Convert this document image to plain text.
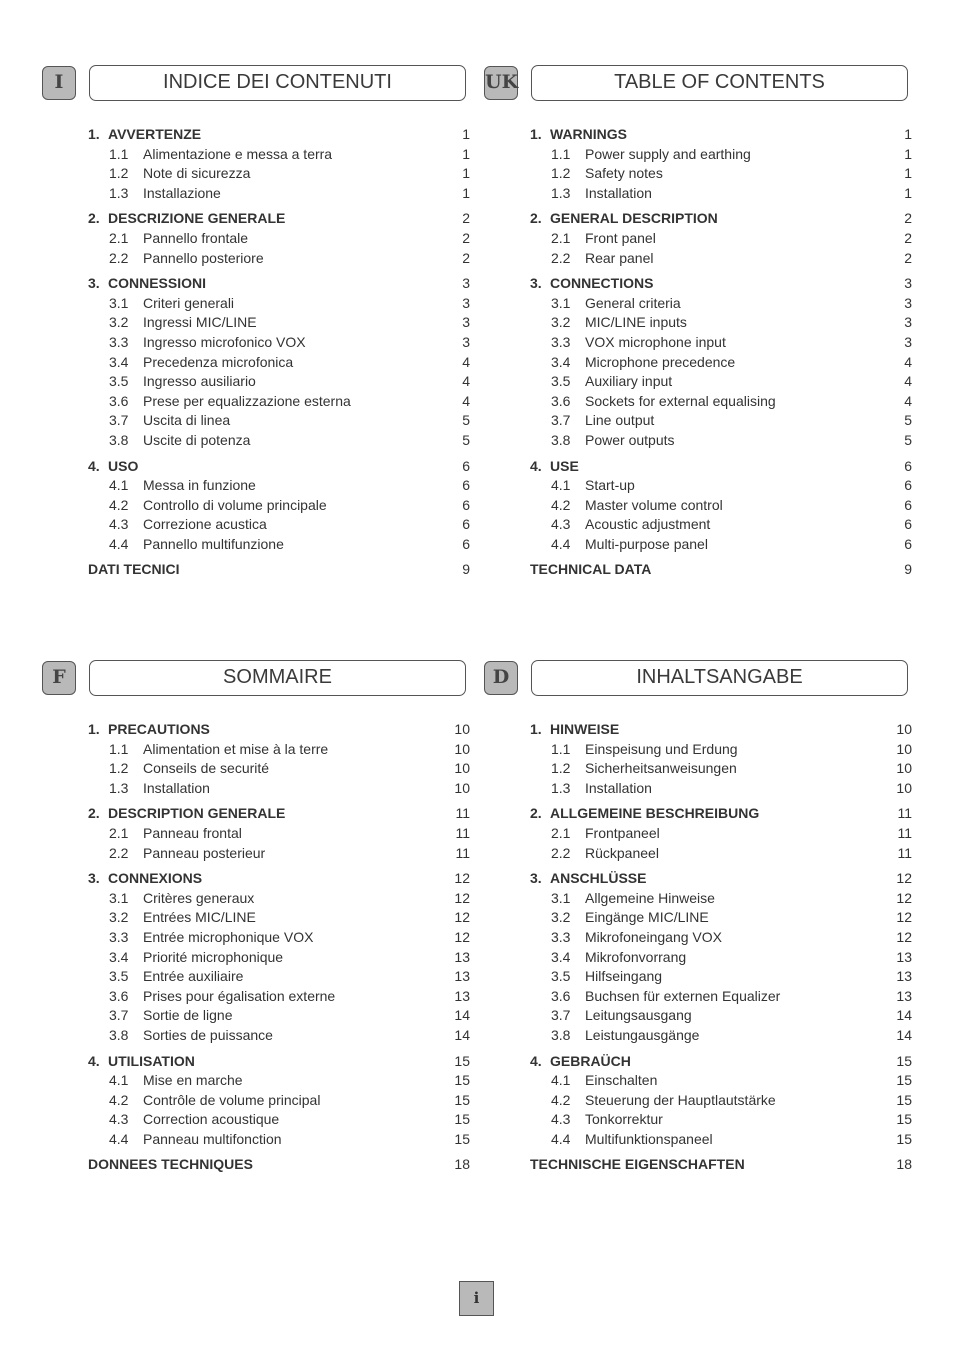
I	INDICE DEI CONTENUTI
1. AVVERTENZE	1
1.1 Alimentazione e messa a terra	1
1.2 Note di sicurezza	1
1.3 Installazione	1
2. DESCRIZIONE GENERALE	2
2.1 Pannello frontale	2
2.2 Pannello posteriore	2
3. CONNESSIONI	3
3.1 Criteri generali	3
3.2 Ingressi MIC/LINE	3
3.3 Ingresso microfonico VOX	3
3.4 Precedenza microfonica	4
3.5 Ingresso ausiliario	4
3.6 Prese per equalizzazione esterna	4
3.7 Uscita di linea	5
3.8 Uscite di potenza	5
4. USO	6
4.1 Messa in funzione	6
4.2 Controllo di volume principale	6
4.3 Correzione acustica	6
4.4 Pannello multifunzione	6
DATI TECNICI	9
UK	TABLE OF CONTENTS
1. WARNINGS	1
1.1 Power supply and earthing	1
1.2 Safety notes	1
1.3 Installation	1
2. GENERAL DESCRIPTION	2
2.1 Front panel	2
2.2 Rear panel	2
3. CONNECTIONS	3
3.1 General criteria	3
3.2 MIC/LINE inputs	3
3.3 VOX microphone input	3
3.4 Microphone precedence	4
3.5 Auxiliary input	4
3.6 Sockets for external equalising	4
3.7 Line output	5
3.8 Power outputs	5
4. USE	6
4.1 Start-up	6
4.2 Master volume control	6
4.3 Acoustic adjustment	6
4.4 Multi-purpose panel	6
TECHNICAL DATA	9
F	SOMMAIRE
1. PRECAUTIONS	10
1.1 Alimentation et mise à la terre	10
1.2 Conseils de securité	10
1.3 Installation	10
2. DESCRIPTION GENERALE	11
2.1 Panneau frontal	11
2.2 Panneau posterieur	11
3. CONNEXIONS	12
3.1 Critères generaux	12
3.2 Entrées MIC/LINE	12
3.3 Entrée microphonique VOX	12
3.4 Priorité microphonique	13
3.5 Entrée auxiliaire	13
3.6 Prises pour égalisation externe	13
3.7 Sortie de ligne	14
3.8 Sorties de puissance	14
4. UTILISATION	15
4.1 Mise en marche	15
4.2 Contrôle de volume principal	15
4.3 Correction acoustique	15
4.4 Panneau multifonction	15
DONNEES TECHNIQUES	18
D	INHALTSANGABE
1. HINWEISE	10
1.1 Einspeisung und Erdung	10
1.2 Sicherheitsanweisungen	10
1.3 Installation	10
2. ALLGEMEINE BESCHREIBUNG	11
2.1 Frontpaneel	11
2.2 Rückpaneel	11
3. ANSCHLÜSSE	12
3.1 Allgemeine Hinweise	12
3.2 Eingänge MIC/LINE	12
3.3 Mikrofoneingang VOX	12
3.4 Mikrofonvorrang	13
3.5 Hilfseingang	13
3.6 Buchsen für externen Equalizer	13
3.7 Leitungsausgang	14
3.8 Leistungausgänge	14
4. GEBRAÜCH	15
4.1 Einschalten	15
4.2 Steuerung der Hauptlautstärke	15
4.3 Tonkorrektur	15
4.4 Multifunktionspaneel	15
TECHNISCHE EIGENSCHAFTEN	18
i
